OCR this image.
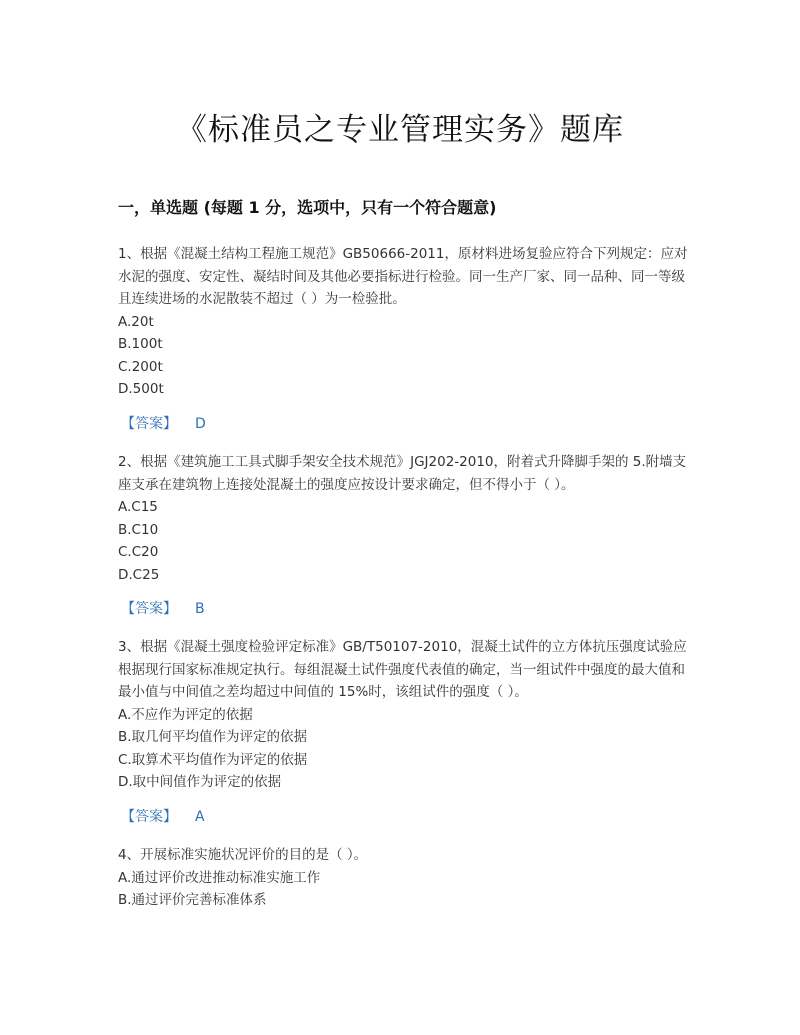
《标准员之专业管理实务》题库
一，单选题 (每题 1 分，选项中，只有一个符合题意)

1、根据《混凝土结构工程施工规范》GB50666-2011，原材料进场复验应符合下列规定：应对水泥的强度、安定性、凝结时间及其他必要指标进行检验。同一生产厂家、同一品种、同一等级且连续进场的水泥散装不超过（ ）为一检验批。

A.20t

B.100t

C.200t

D.500t

【答案】 D

2、根据《建筑施工工具式脚手架安全技术规范》JGJ202-2010，附着式升降脚手架的 5.附墙支座支承在建筑物上连接处混凝土的强度应按设计要求确定，但不得小于（ ）。

A.C15

B.C10

C.C20

D.C25

【答案】 B

3、根据《混凝土强度检验评定标准》GB/T50107-2010，混凝土试件的立方体抗压强度试验应根据现行国家标准规定执行。每组混凝土试件强度代表值的确定，当一组试件中强度的最大值和最小值与中间值之差均超过中间值的 15%时，该组试件的强度（ ）。

A.不应作为评定的依据

B.取几何平均值作为评定的依据

C.取算术平均值作为评定的依据

D.取中间值作为评定的依据

【答案】 A

4、开展标准实施状况评价的目的是（ ）。

A.通过评价改进推动标准实施工作

B.通过评价完善标准体系
